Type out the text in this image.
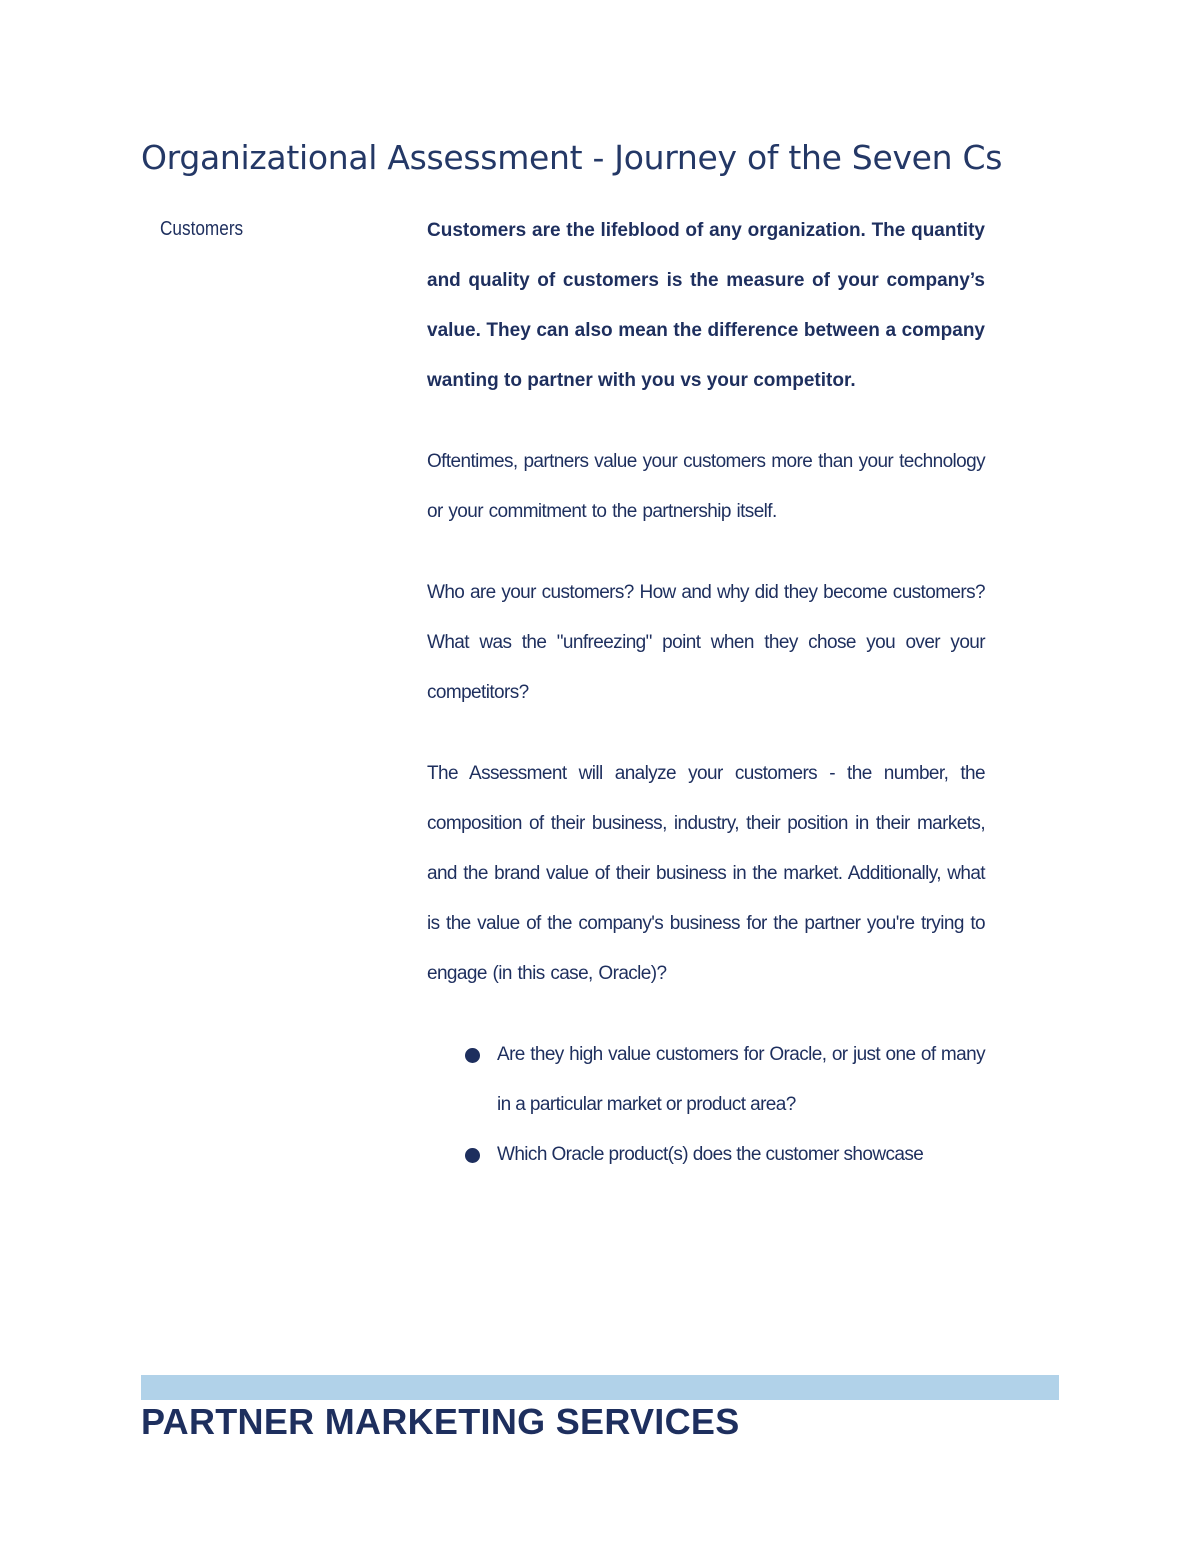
Organizational Assessment - Journey of the Seven Cs
Customers	Customers are the lifeblood of any organization. The quantity and quality of customers is the measure of your company’s value. They can also mean the difference between a company wanting to partner with you vs your competitor.

Oftentimes, partners value your customers more than your technology or your commitment to the partnership itself.

Who are your customers? How and why did they become customers? What was the "unfreezing" point when they chose you over your competitors?

The Assessment will analyze your customers - the number, the composition of their business, industry, their position in their markets, and the brand value of their business in the market. Additionally, what is the value of the company's business for the partner you're trying to engage (in this case, Oracle)?

Are they high value customers for Oracle, or just one of many in a particular market or product area?
Which Oracle product(s) does the customer showcase
PARTNER MARKETING SERVICES
